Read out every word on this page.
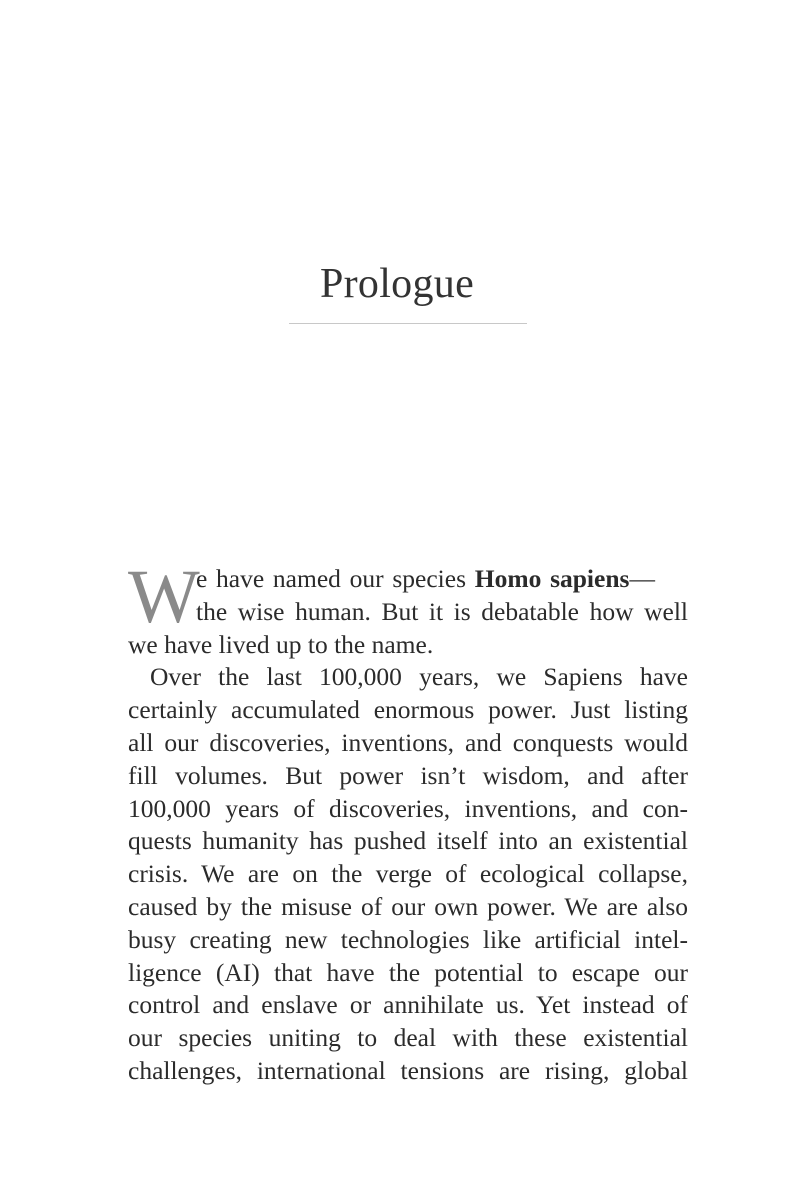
Prologue
W
e have named our species Homo sapiens—
the wise human. But it is debatable how well
we have lived up to the name.
Over the last 100,000 years, we Sapiens have
certainly accumulated enormous power. Just listing
all our discoveries, inventions, and conquests would
fill volumes. But power isn’t wisdom, and after
100,000 years of discoveries, inventions, and con-
quests humanity has pushed itself into an existential
crisis. We are on the verge of ecological collapse,
caused by the misuse of our own power. We are also
busy creating new technologies like artificial intel-
ligence (AI) that have the potential to escape our
control and enslave or annihilate us. Yet instead of
our species uniting to deal with these existential
challenges, international tensions are rising, global
